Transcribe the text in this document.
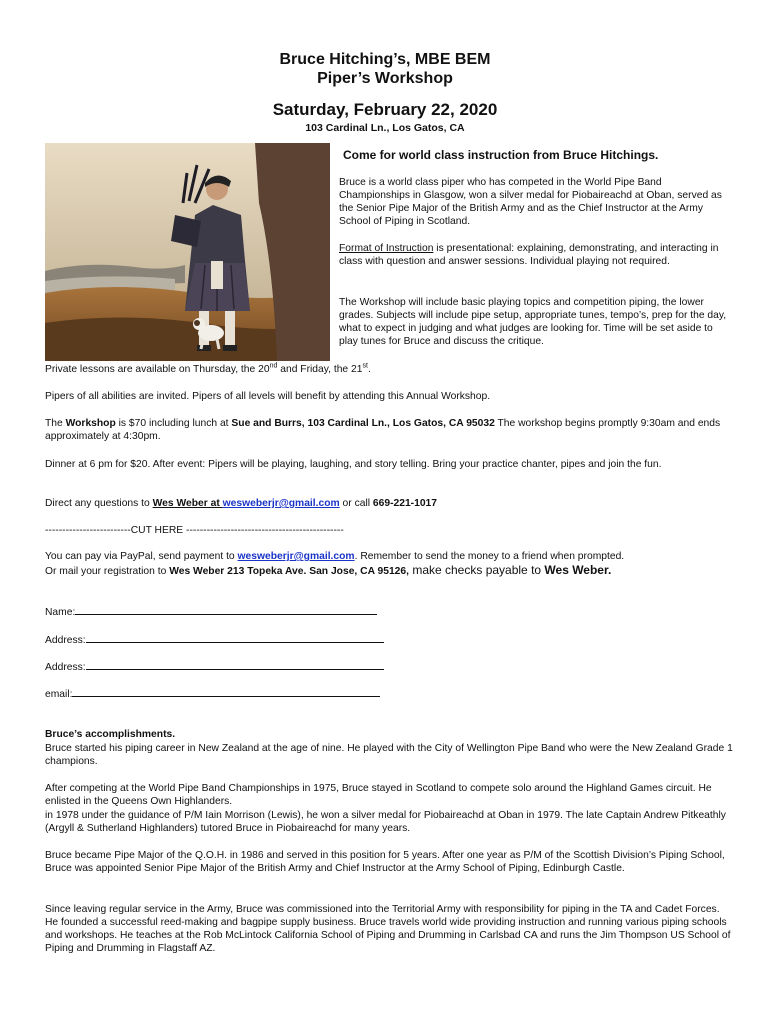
Bruce Hitching’s, MBE BEM
Piper’s Workshop
Saturday, February 22, 2020
103 Cardinal Ln., Los Gatos, CA
Come for world class instruction from Bruce Hitchings.
Bruce is a world class piper who has competed in the World Pipe Band Championships in Glasgow, won a silver medal for Piobaireachd at Oban, served as the Senior Pipe Major of the British Army and as the Chief Instructor at the Army School of Piping in Scotland.
Format of Instruction is presentational: explaining, demonstrating, and interacting in class with question and answer sessions. Individual playing not required.
The Workshop will include basic playing topics and competition piping, the lower grades. Subjects will include pipe setup, appropriate tunes, tempo’s, prep for the day, what to expect in judging and what judges are looking for. Time will be set aside to play tunes for Bruce and discuss the critique.
Private lessons are available on Thursday, the 20nd and Friday, the 21st.
Pipers of all abilities are invited. Pipers of all levels will benefit by attending this Annual Workshop.
The Workshop is $70 including lunch at Sue and Burrs, 103 Cardinal Ln., Los Gatos, CA 95032 The workshop begins promptly 9:30am and ends approximately at 4:30pm.
Dinner at 6 pm for $20. After event: Pipers will be playing, laughing, and story telling. Bring your practice chanter, pipes and join the fun.
Direct any questions to Wes Weber at wesweberjr@gmail.com or call 669-221-1017
-------------------------CUT HERE ----------------------------------------------
You can pay via PayPal, send payment to wesweberjr@gmail.com. Remember to send the money to a friend when prompted.
Or mail your registration to Wes Weber 213 Topeka Ave. San Jose, CA 95126, make checks payable to Wes Weber.
Name:
Address:
Address:
email:
Bruce’s accomplishments.
Bruce started his piping career in New Zealand at the age of nine. He played with the City of Wellington Pipe Band who were the New Zealand Grade 1 champions.
After competing at the World Pipe Band Championships in 1975, Bruce stayed in Scotland to compete solo around the Highland Games circuit. He enlisted in the Queens Own Highlanders.
in 1978 under the guidance of P/M Iain Morrison (Lewis), he won a silver medal for Piobaireachd at Oban in 1979. The late Captain Andrew Pitkeathly (Argyll & Sutherland Highlanders) tutored Bruce in Piobaireachd for many years.
Bruce became Pipe Major of the Q.O.H. in 1986 and served in this position for 5 years. After one year as P/M of the Scottish Division’s Piping School, Bruce was appointed Senior Pipe Major of the British Army and Chief Instructor at the Army School of Piping, Edinburgh Castle.
Since leaving regular service in the Army, Bruce was commissioned into the Territorial Army with responsibility for piping in the TA and Cadet Forces. He founded a successful reed-making and bagpipe supply business. Bruce travels world wide providing instruction and running various piping schools and workshops. He teaches at the Rob McLintock California School of Piping and Drumming in Carlsbad CA and runs the Jim Thompson US School of Piping and Drumming in Flagstaff AZ.
